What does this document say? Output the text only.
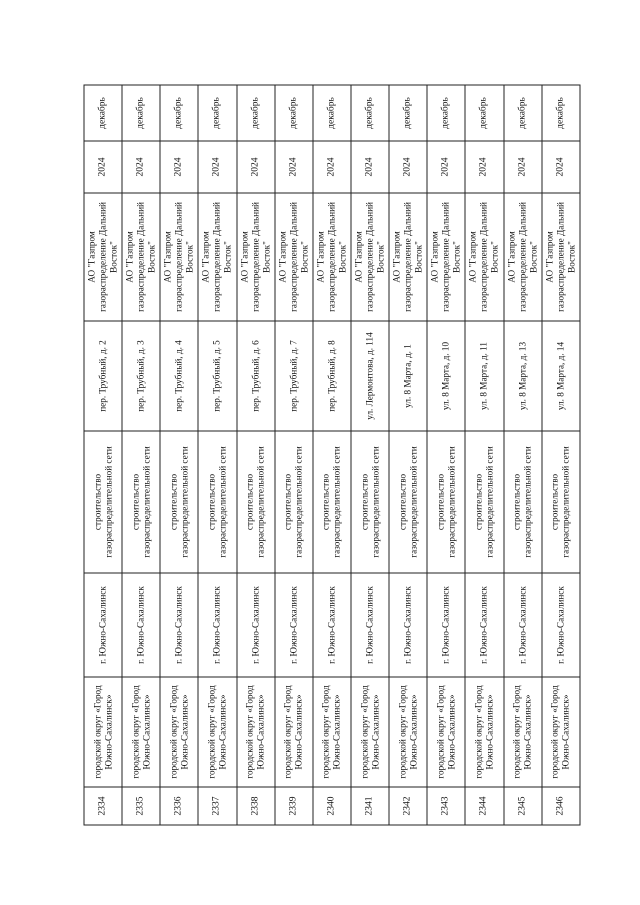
2334	городской округ «Город Южно-Сахалинск»	г. Южно-Сахалинск	строительство газораспределительной сети	пер. Трубный, д. 2	АО "Газпром газораспределение Дальний Восток"	2024	декабрь
2335	городской округ «Город Южно-Сахалинск»	г. Южно-Сахалинск	строительство газораспределительной сети	пер. Трубный, д. 3	АО "Газпром газораспределение Дальний Восток"	2024	декабрь
2336	городской округ «Город Южно-Сахалинск»	г. Южно-Сахалинск	строительство газораспределительной сети	пер. Трубный, д. 4	АО "Газпром газораспределение Дальний Восток"	2024	декабрь
2337	городской округ «Город Южно-Сахалинск»	г. Южно-Сахалинск	строительство газораспределительной сети	пер. Трубный, д. 5	АО "Газпром газораспределение Дальний Восток"	2024	декабрь
2338	городской округ «Город Южно-Сахалинск»	г. Южно-Сахалинск	строительство газораспределительной сети	пер. Трубный, д. 6	АО "Газпром газораспределение Дальний Восток"	2024	декабрь
2339	городской округ «Город Южно-Сахалинск»	г. Южно-Сахалинск	строительство газораспределительной сети	пер. Трубный, д. 7	АО "Газпром газораспределение Дальний Восток"	2024	декабрь
2340	городской округ «Город Южно-Сахалинск»	г. Южно-Сахалинск	строительство газораспределительной сети	пер. Трубный, д. 8	АО "Газпром газораспределение Дальний Восток"	2024	декабрь
2341	городской округ «Город Южно-Сахалинск»	г. Южно-Сахалинск	строительство газораспределительной сети	ул. Лермонтова, д. 114	АО "Газпром газораспределение Дальний Восток"	2024	декабрь
2342	городской округ «Город Южно-Сахалинск»	г. Южно-Сахалинск	строительство газораспределительной сети	ул. 8 Марта, д. 1	АО "Газпром газораспределение Дальний Восток"	2024	декабрь
2343	городской округ «Город Южно-Сахалинск»	г. Южно-Сахалинск	строительство газораспределительной сети	ул. 8 Марта, д. 10	АО "Газпром газораспределение Дальний Восток"	2024	декабрь
2344	городской округ «Город Южно-Сахалинск»	г. Южно-Сахалинск	строительство газораспределительной сети	ул. 8 Марта, д. 11	АО "Газпром газораспределение Дальний Восток"	2024	декабрь
2345	городской округ «Город Южно-Сахалинск»	г. Южно-Сахалинск	строительство газораспределительной сети	ул. 8 Марта, д. 13	АО "Газпром газораспределение Дальний Восток"	2024	декабрь
2346	городской округ «Город Южно-Сахалинск»	г. Южно-Сахалинск	строительство газораспределительной сети	ул. 8 Марта, д. 14	АО "Газпром газораспределение Дальний Восток"	2024	декабрь
